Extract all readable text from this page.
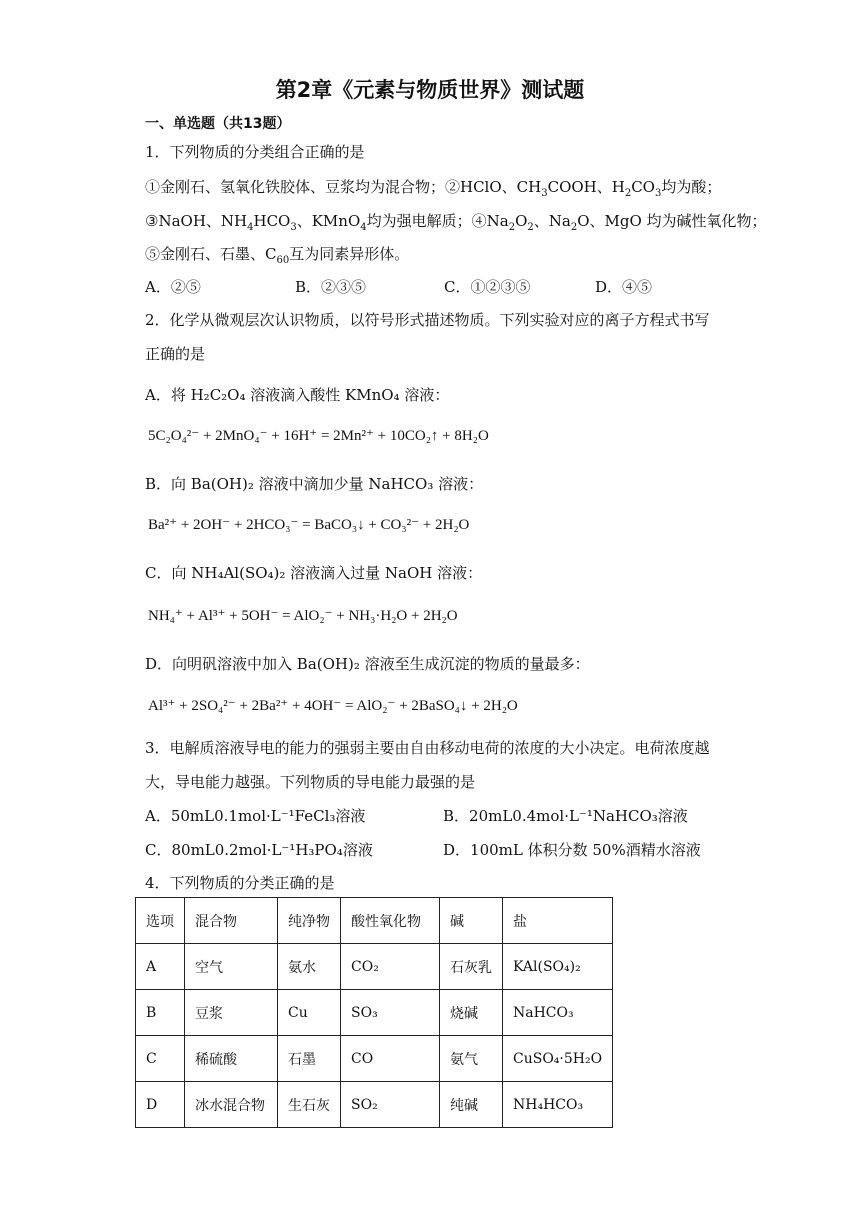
第2章《元素与物质世界》测试题
一、单选题（共13题）
1．下列物质的分类组合正确的是
①金刚石、氢氧化铁胶体、豆浆均为混合物；②HClO、$CH_3COOH$、$H_2CO_3$均为酸；
③NaOH、$NH_4HCO_3$、KMnO$_4$均为强电解质；$④Na_2O_2$、$Na_2O$、MgO 均为碱性氧化物；
⑤金刚石、石墨、$C_{60}$互为同素异形体。
A．②⑤	B．②③⑤	C．①②③⑤	D．④⑤
2．化学从微观层次认识物质，以符号形式描述物质。下列实验对应的离子方程式书写
正确的是
A．将 H₂C₂O₄ 溶液滴入酸性 KMnO₄ 溶液：
5C₂O₄²⁻ + 2MnO₄⁻ + 16H⁺ = 2Mn²⁺ + 10CO₂↑ + 8H₂O
B．向 Ba(OH)₂ 溶液中滴加少量 NaHCO₃ 溶液：
Ba²⁺ + 2OH⁻ + 2HCO₃⁻ = BaCO₃↓ + CO₃²⁻ + 2H₂O
C．向 NH₄Al(SO₄)₂ 溶液滴入过量 NaOH 溶液：
NH₄⁺ + Al³⁺ + 5OH⁻ = AlO₂⁻ + NH₃·H₂O + 2H₂O
D．向明矾溶液中加入 Ba(OH)₂ 溶液至生成沉淀的物质的量最多：
Al³⁺ + 2SO₄²⁻ + 2Ba²⁺ + 4OH⁻ = AlO₂⁻ + 2BaSO₄↓ + 2H₂O
3．电解质溶液导电的能力的强弱主要由自由移动电荷的浓度的大小决定。电荷浓度越
大，导电能力越强。下列物质的导电能力最强的是
A．50mL0.1mol·L⁻¹FeCl₃溶液	B．20mL0.4mol·L⁻¹NaHCO₃溶液
C．80mL0.2mol·L⁻¹H₃PO₄溶液	D．100mL 体积分数 50%酒精水溶液
4．下列物质的分类正确的是
选项	混合物	纯净物	酸性氧化物	碱	盐
A	空气	氨水	CO₂	石灰乳	KAl(SO₄)₂
B	豆浆	Cu	SO₃	烧碱	NaHCO₃
C	稀硫酸	石墨	CO	氨气	CuSO₄·5H₂O
D	冰水混合物	生石灰	SO₂	纯碱	NH₄HCO₃
